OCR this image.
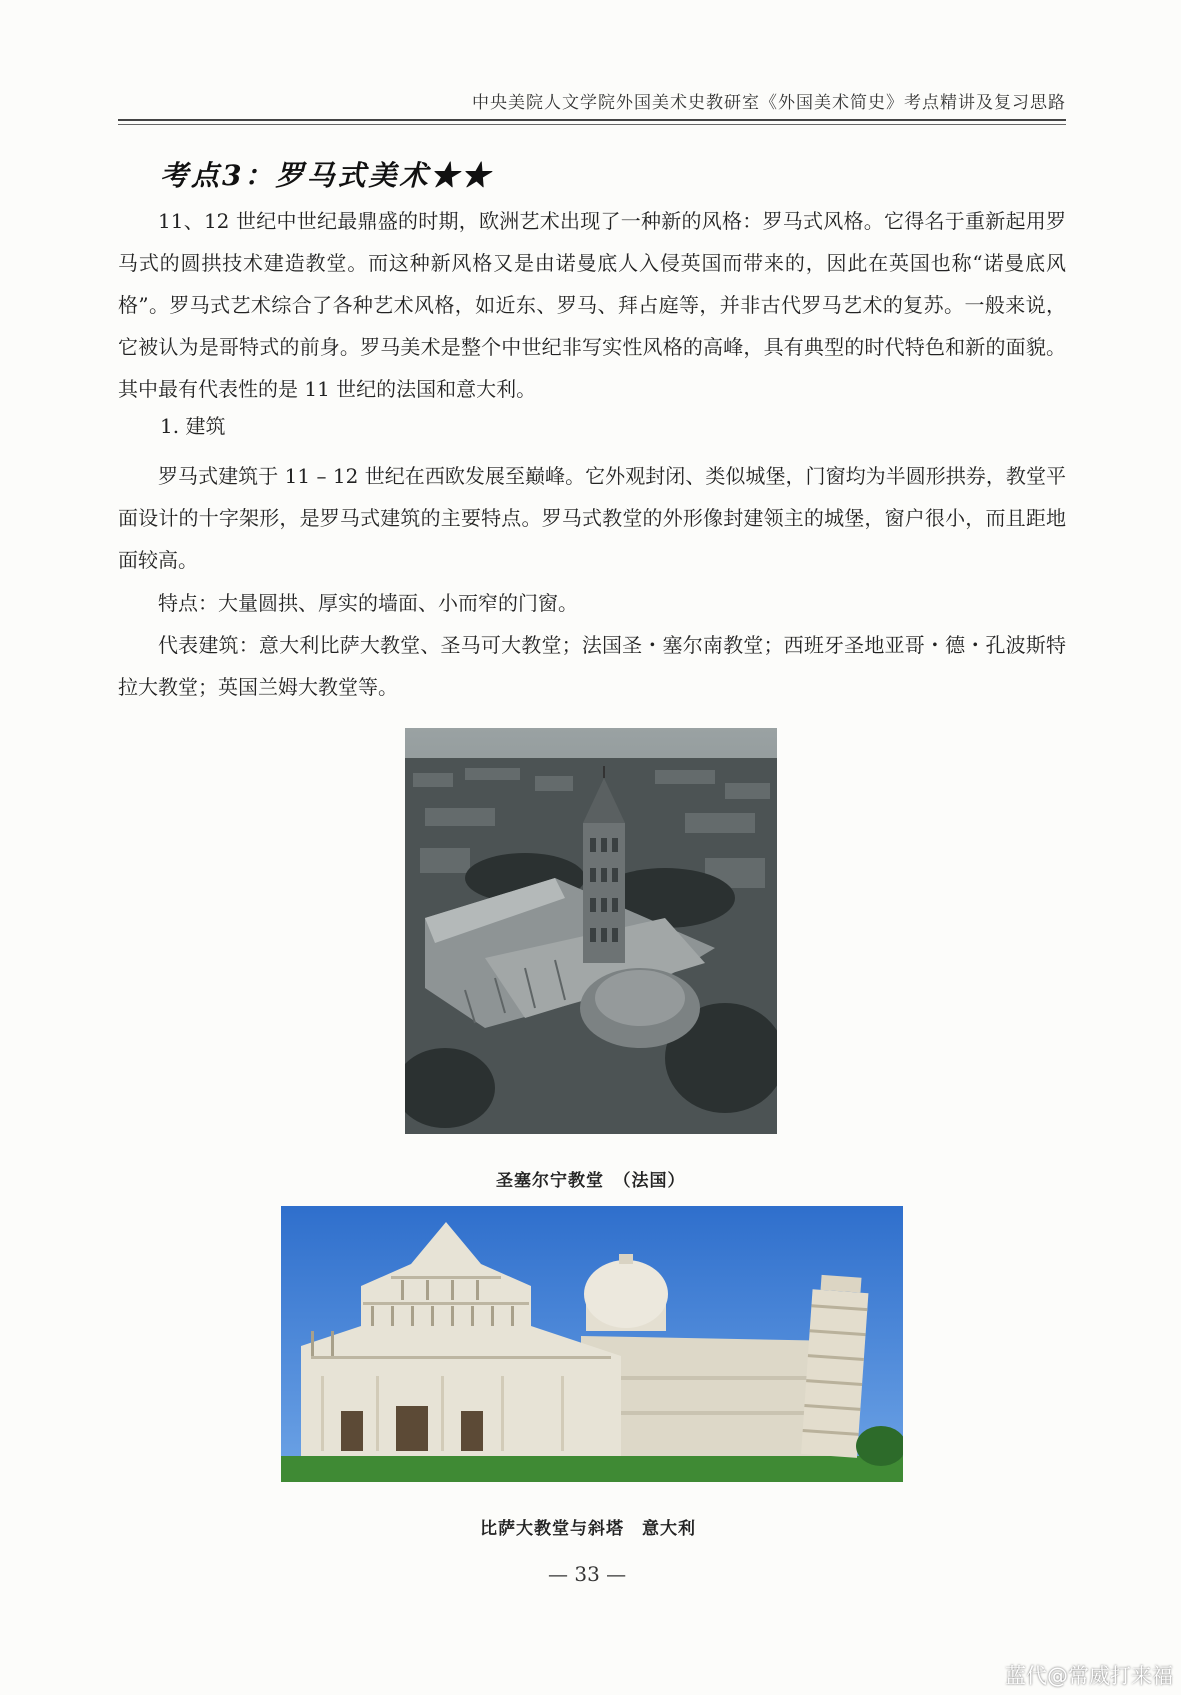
中央美院人文学院外国美术史教研室《外国美术简史》考点精讲及复习思路
考点3：罗马式美术★★
11、12 世纪中世纪最鼎盛的时期，欧洲艺术出现了一种新的风格：罗马式风格。它得名于重新起用罗马式的圆拱技术建造教堂。而这种新风格又是由诺曼底人入侵英国而带来的，因此在英国也称“诺曼底风格”。罗马式艺术综合了各种艺术风格，如近东、罗马、拜占庭等，并非古代罗马艺术的复苏。一般来说，它被认为是哥特式的前身。罗马美术是整个中世纪非写实性风格的高峰，具有典型的时代特色和新的面貌。其中最有代表性的是 11 世纪的法国和意大利。
1. 建筑
罗马式建筑于 11 – 12 世纪在西欧发展至巅峰。它外观封闭、类似城堡，门窗均为半圆形拱券，教堂平面设计的十字架形，是罗马式建筑的主要特点。罗马式教堂的外形像封建领主的城堡，窗户很小，而且距地面较高。
特点：大量圆拱、厚实的墙面、小而窄的门窗。
代表建筑：意大利比萨大教堂、圣马可大教堂；法国圣・塞尔南教堂；西班牙圣地亚哥・德・孔波斯特拉大教堂；英国兰姆大教堂等。
圣塞尔宁教堂　（法国）
比萨大教堂与斜塔　意大利
— 33 —
蓝代@常威打来福
